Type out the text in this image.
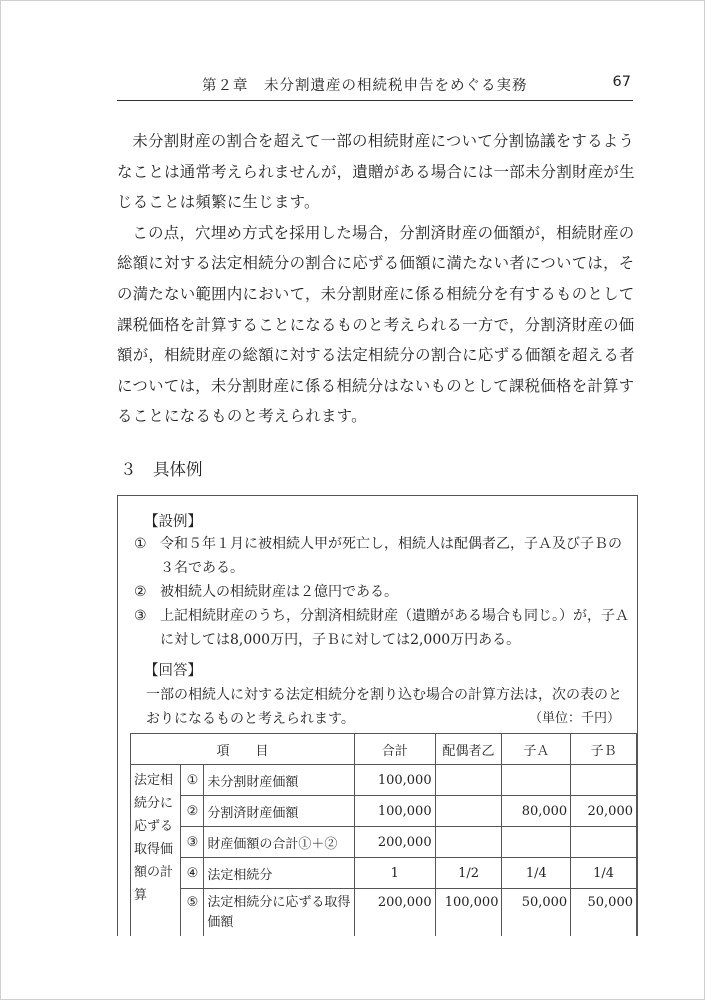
第２章　未分割遺産の相続税申告をめぐる実務	67

未分割財産の割合を超えて一部の相続財産について分割協議をするようなことは通常考えられませんが，遺贈がある場合には一部未分割財産が生じることは頻繁に生じます。

この点，穴埋め方式を採用した場合，分割済財産の価額が，相続財産の総額に対する法定相続分の割合に応ずる価額に満たない者については，その満たない範囲内において，未分割財産に係る相続分を有するものとして課税価格を計算することになるものと考えられる一方で，分割済財産の価額が，相続財産の総額に対する法定相続分の割合に応ずる価額を超える者については，未分割財産に係る相続分はないものとして課税価格を計算することになるものと考えられます。

３　具体例
【設例】
① 令和５年１月に被相続人甲が死亡し，相続人は配偶者乙，子Ａ及び子Ｂの３名である。
② 被相続人の相続財産は２億円である。
③ 上記相続財産のうち，分割済相続財産（遺贈がある場合も同じ。）が，子Ａに対しては8,000万円，子Ｂに対しては2,000万円ある。
【回答】
一部の相続人に対する法定相続分を割り込む場合の計算方法は，次の表のとおりになるものと考えられます。	（単位：千円）
項　　目			合計	配偶者乙	子Ａ	子Ｂ
法定相続分に応ずる取得価額の計算	①	未分割財産価額	100,000			
	②	分割済財産価額	100,000		80,000	20,000
	③	財産価額の合計①＋②	200,000			
	④	法定相続分	1	1/2	1/4	1/4
	⑤	法定相続分に応ずる取得価額	200,000	100,000	50,000	50,000
